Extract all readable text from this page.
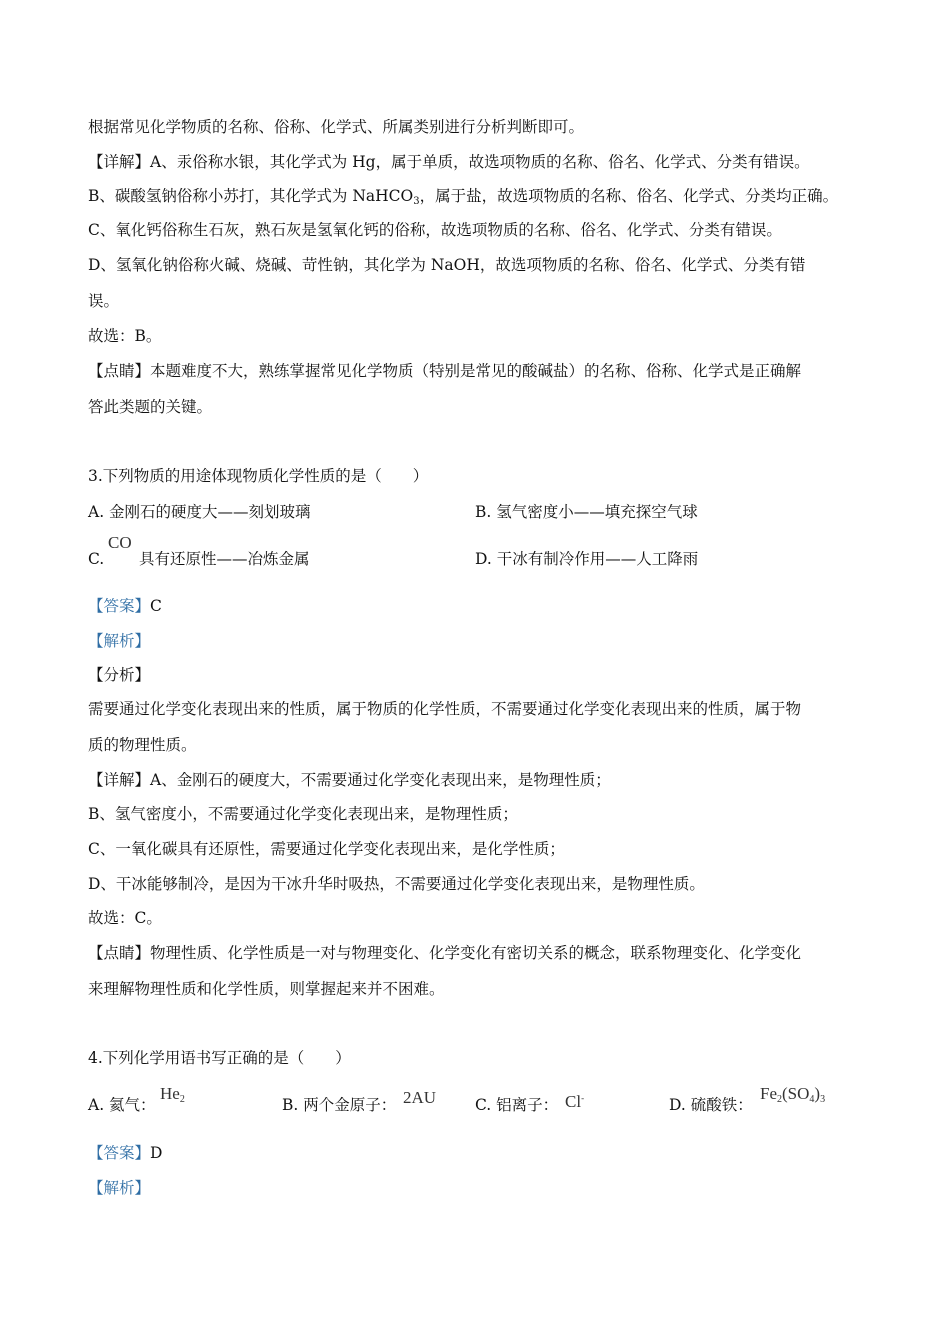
根据常见化学物质的名称、俗称、化学式、所属类别进行分析判断即可。
【详解】A、汞俗称水银，其化学式为 Hg，属于单质，故选项物质的名称、俗名、化学式、分类有错误。
B、碳酸氢钠俗称小苏打，其化学式为 NaHCO3，属于盐，故选项物质的名称、俗名、化学式、分类均正确。
C、氧化钙俗称生石灰，熟石灰是氢氧化钙的俗称，故选项物质的名称、俗名、化学式、分类有错误。
D、氢氧化钠俗称火碱、烧碱、苛性钠，其化学为 NaOH，故选项物质的名称、俗名、化学式、分类有错
误。
故选：B。
【点睛】本题难度不大，熟练掌握常见化学物质（特别是常见的酸碱盐）的名称、俗称、化学式是正确解
答此类题的关键。
3.下列物质的用途体现物质化学性质的是（　　）
A. 金刚石的硬度大——刻划玻璃	B. 氢气密度小——填充探空气球
C.
CO
具有还原性——冶炼金属	D. 干冰有制冷作用——人工降雨
【答案】C
【解析】
【分析】
需要通过化学变化表现出来的性质，属于物质的化学性质，不需要通过化学变化表现出来的性质，属于物
质的物理性质。
【详解】A、金刚石的硬度大，不需要通过化学变化表现出来，是物理性质；
B、氢气密度小，不需要通过化学变化表现出来，是物理性质；
C、一氧化碳具有还原性，需要通过化学变化表现出来，是化学性质；
D、干冰能够制冷，是因为干冰升华时吸热，不需要通过化学变化表现出来，是物理性质。
故选：C。
【点睛】物理性质、化学性质是一对与物理变化、化学变化有密切关系的概念，联系物理变化、化学变化
来理解物理性质和化学性质，则掌握起来并不困难。
4.下列化学用语书写正确的是（　　）
A. 氦气：
$He_2$	B. 两个金原子： 2AU	C. 铝离子： Cl-	D. 硫酸铁：
$Fe_2(SO_4)_3$
【答案】D
【解析】
